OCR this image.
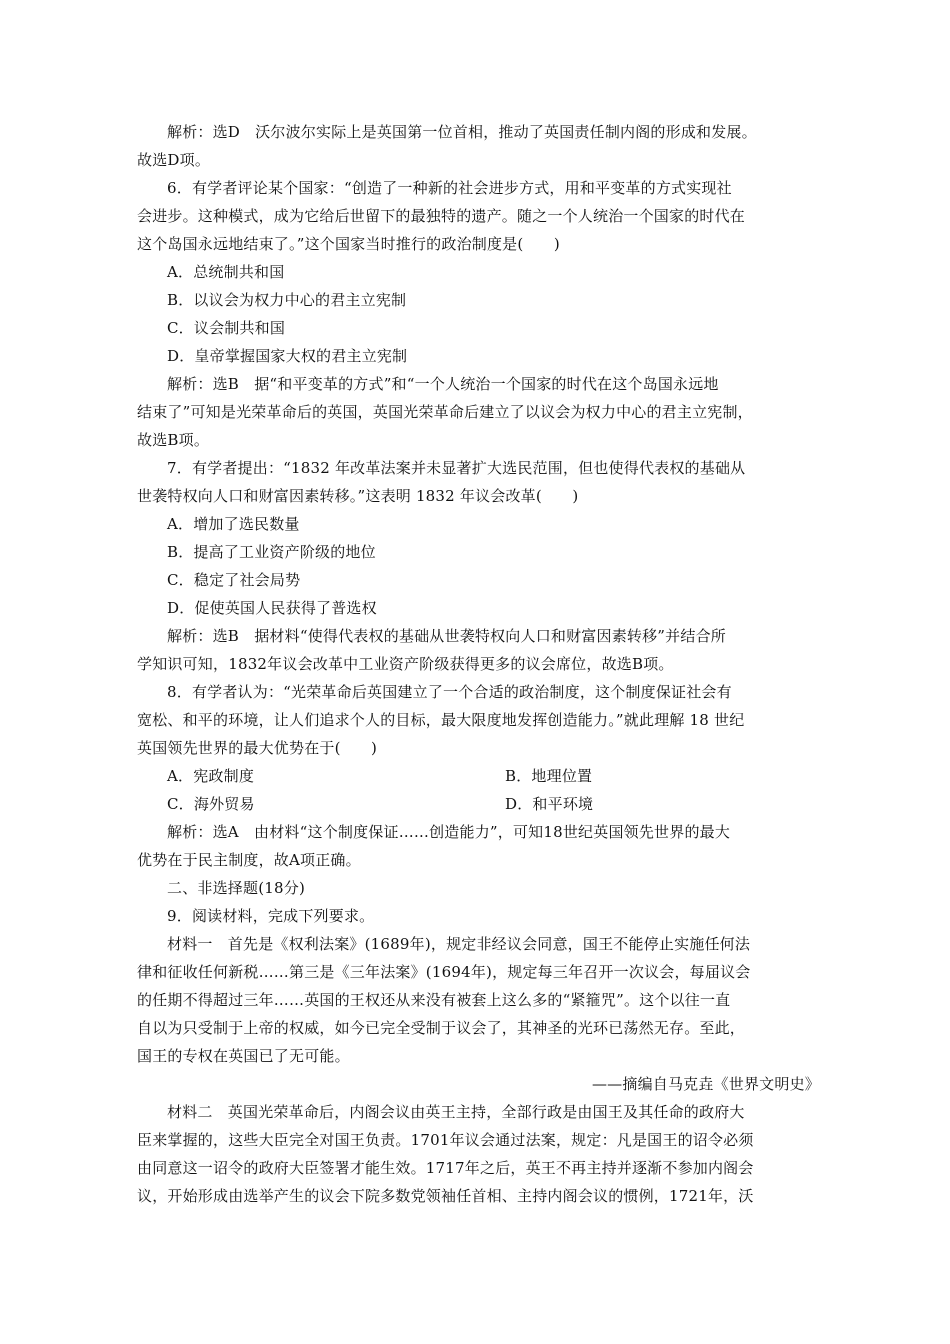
解析：选D　沃尔波尔实际上是英国第一位首相，推动了英国责任制内阁的形成和发展。
故选D项。
6．有学者评论某个国家：“创造了一种新的社会进步方式，用和平变革的方式实现社
会进步。这种模式，成为它给后世留下的最独特的遗产。随之一个人统治一个国家的时代在
这个岛国永远地结束了。”这个国家当时推行的政治制度是(　　)
A．总统制共和国
B．以议会为权力中心的君主立宪制
C．议会制共和国
D．皇帝掌握国家大权的君主立宪制
解析：选B　据“和平变革的方式”和“一个人统治一个国家的时代在这个岛国永远地
结束了”可知是光荣革命后的英国，英国光荣革命后建立了以议会为权力中心的君主立宪制，
故选B项。
7．有学者提出：“1832 年改革法案并未显著扩大选民范围，但也使得代表权的基础从
世袭特权向人口和财富因素转移。”这表明 1832 年议会改革(　　)
A．增加了选民数量
B．提高了工业资产阶级的地位
C．稳定了社会局势
D．促使英国人民获得了普选权
解析：选B　据材料“使得代表权的基础从世袭特权向人口和财富因素转移”并结合所
学知识可知，1832年议会改革中工业资产阶级获得更多的议会席位，故选B项。
8．有学者认为：“光荣革命后英国建立了一个合适的政治制度，这个制度保证社会有
宽松、和平的环境，让人们追求个人的目标，最大限度地发挥创造能力。”就此理解 18 世纪
英国领先世界的最大优势在于(　　)
A．宪政制度	B．地理位置
C．海外贸易	D．和平环境
解析：选A　由材料“这个制度保证……创造能力”，可知18世纪英国领先世界的最大
优势在于民主制度，故A项正确。
二、非选择题(18分)
9．阅读材料，完成下列要求。
材料一　首先是《权利法案》(1689年)，规定非经议会同意，国王不能停止实施任何法
律和征收任何新税……第三是《三年法案》(1694年)，规定每三年召开一次议会，每届议会
的任期不得超过三年……英国的王权还从来没有被套上这么多的“紧箍咒”。这个以往一直
自以为只受制于上帝的权威，如今已完全受制于议会了，其神圣的光环已荡然无存。至此，
国王的专权在英国已了无可能。
——摘编自马克垚《世界文明史》
材料二　英国光荣革命后，内阁会议由英王主持，全部行政是由国王及其任命的政府大
臣来掌握的，这些大臣完全对国王负责。1701年议会通过法案，规定：凡是国王的诏令必须
由同意这一诏令的政府大臣签署才能生效。1717年之后，英王不再主持并逐渐不参加内阁会
议，开始形成由选举产生的议会下院多数党领袖任首相、主持内阁会议的惯例，1721年，沃
